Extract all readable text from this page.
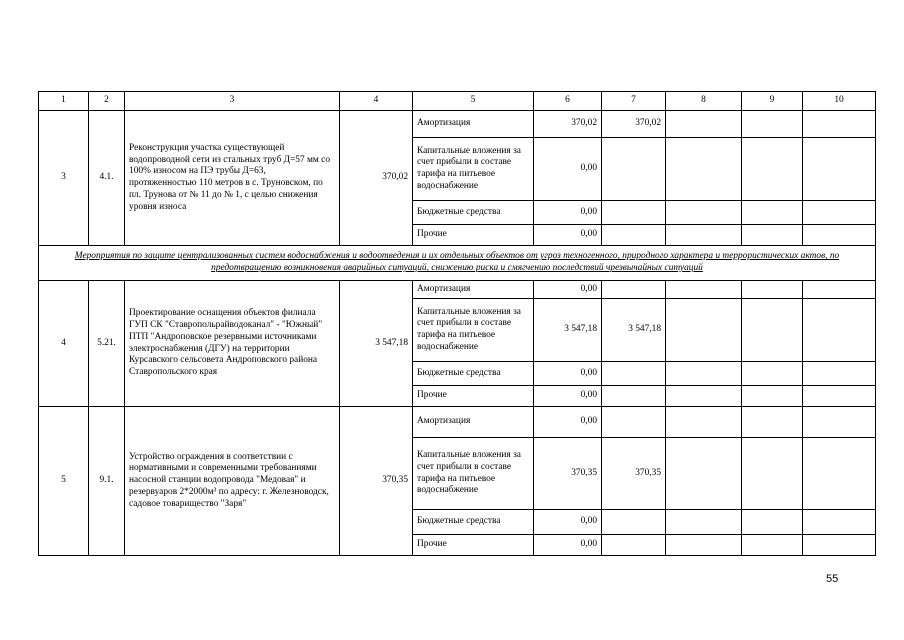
1	2	3	4	5	6	7	8	9	10
3	4.1.	Реконструкция участка существующей водопроводной сети из стальных труб Д=57 мм со 100% износом на ПЭ трубы Д=63, протяженностью 110 метров в с. Труновском, по пл. Трунова от № 11 до № 1, с целью снижения уровня износа	370,02	Амортизация	370,02	370,02			
				Капитальные вложения за счет прибыли в составе тарифа на питьевое водоснабжение	0,00				
				Бюджетные средства	0,00				
				Прочие	0,00				
Мероприятия по защите централизованных систем водоснабжения и водоотведения и их отдельных объектов от угроз техногенного, природного характера и террористических актов, по предотвращению возникновения аварийных ситуаций, снижению риска и смягчению последствий чрезвычайных ситуаций									
4	5.21.	Проектирование оснащения объектов филиала ГУП СК "Ставропольрайводоканал" - "Южный" ПТП "Андроповское резервными источниками электроснабжения (ДГУ) на территории Курсавского сельсовета Андроповского района Ставропольского края	3 547,18	Амортизация	0,00				
				Капитальные вложения за счет прибыли в составе тарифа на питьевое водоснабжение	3 547,18	3 547,18			
				Бюджетные средства	0,00				
				Прочие	0,00				
5	9.1.	Устройство ограждения в соответствии с нормативными и современными требованиями насосной станции водопровода "Медовая" и резервуаров 2*2000м³ по адресу: г. Железноводск, садовое товарищество "Заря"	370,35	Амортизация	0,00				
				Капитальные вложения за счет прибыли в составе тарифа на питьевое водоснабжение	370,35	370,35			
				Бюджетные средства	0,00				
				Прочие	0,00				
55
